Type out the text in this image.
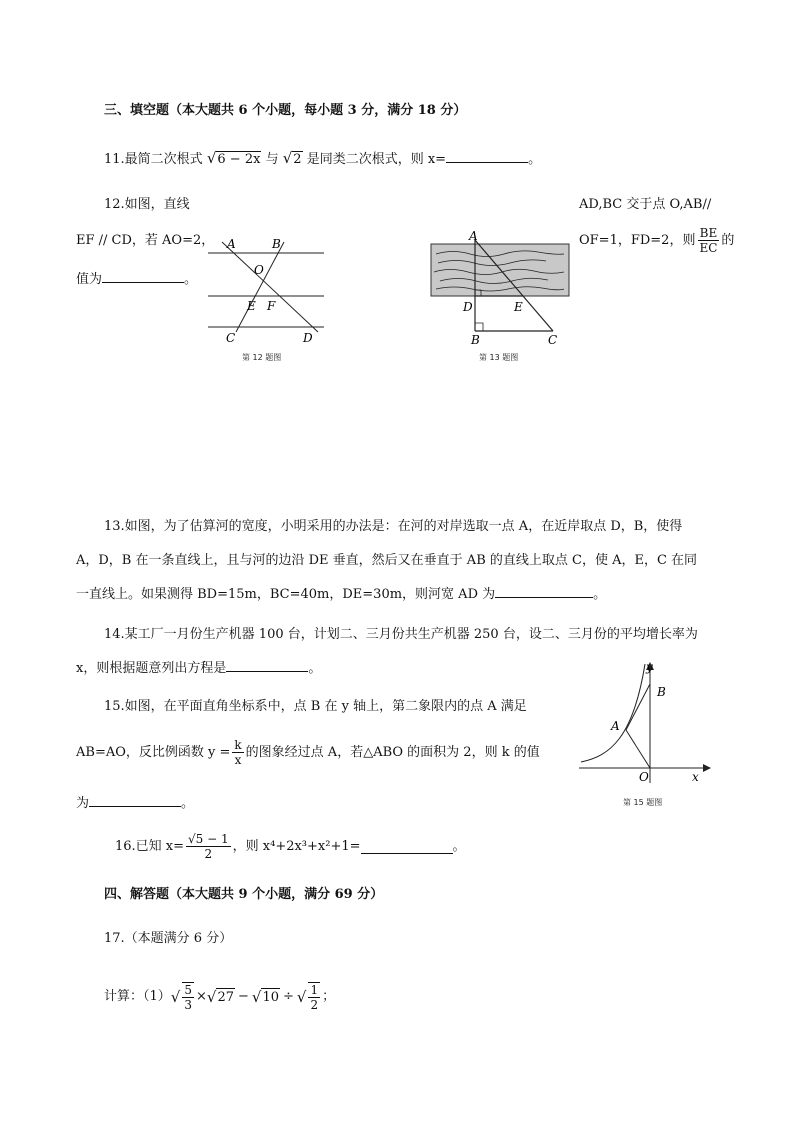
三、填空题（本大题共 6 个小题，每小题 3 分，满分 18 分）
11.最简二次根式 √6 − 2x 与 √2 是同类二次根式，则 x=	。
12.如图，直线	AD,BC 交于点 O,AB//
EF // CD，若 AO=2，	OF=1，FD=2，则 $\frac{BE}{EC}$ 的
值为	。
A	B
O
E F
C	D
第 12 题图
A
D	E
B	C
第 13 题图
13.如图，为了估算河的宽度，小明采用的办法是：在河的对岸选取一点 A，在近岸取点 D，B，使得
A，D，B 在一条直线上，且与河的边沿 DE 垂直，然后又在垂直于 AB 的直线上取点 C，使 A，E，C 在同
一直线上。如果测得 BD=15m，BC=40m，DE=30m，则河宽 AD 为	。
14.某工厂一月份生产机器 100 台，计划二、三月份共生产机器 250 台，设二、三月份的平均增长率为
x，则根据题意列出方程是	。
15.如图，在平面直角坐标系中，点 B 在 y 轴上，第二象限内的点 A 满足
AB=AO，反比例函数 $y = \frac{k}{x}$ 的图象经过点 A，若△ABO 的面积为 2，则 k 的值
为	。
y
B
A
O	x
第 15 题图
16.已知 $x= \frac{√5 - 1}{2}$ ，则 x⁴+2x³+x²+1=	。
四、解答题（本大题共 9 个小题，满分 69 分）
17.（本题满分 6 分）
计算：（1） √ $\frac{5}{3}$ × √ 27 − √ 10 ÷ √ $\frac{1}{2}$ ；
